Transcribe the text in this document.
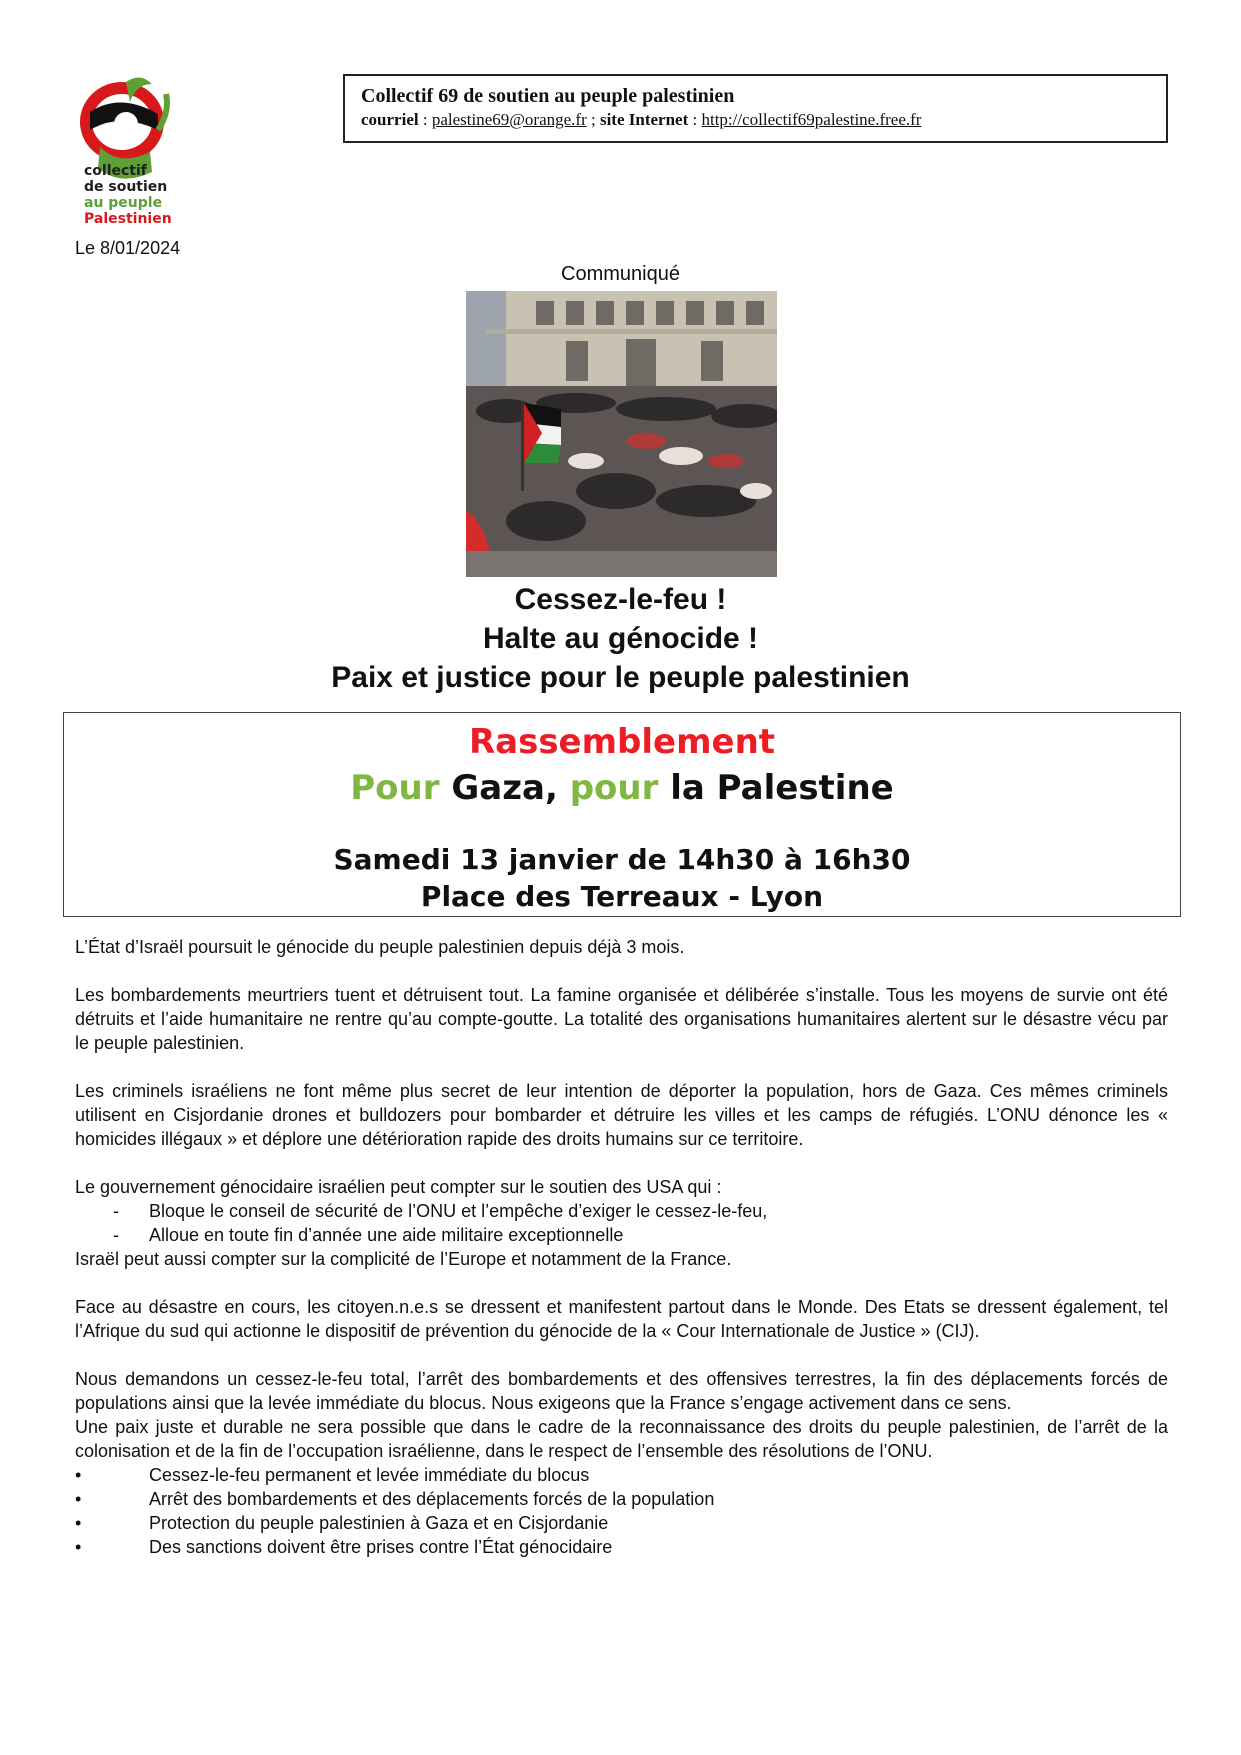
collectif
de soutien
au peuple
Palestinien
Collectif 69 de soutien au peuple palestinien
courriel : palestine69@orange.fr ; site Internet : http://collectif69palestine.free.fr
Le 8/01/2024
Communiqué
Cessez-le-feu !
Halte au génocide !
Paix et justice pour le peuple palestinien
Rassemblement
Pour Gaza, pour la Palestine
Samedi 13 janvier de 14h30 à 16h30
Place des Terreaux - Lyon

L’État d’Israël poursuit le génocide du peuple palestinien depuis déjà 3 mois.

Les bombardements meurtriers tuent et détruisent tout. La famine organisée et délibérée s’installe. Tous les moyens de survie ont été détruits et l’aide humanitaire ne rentre qu’au compte-goutte. La totalité des organisations humanitaires alertent sur le désastre vécu par le peuple palestinien.

Les criminels israéliens ne font même plus secret de leur intention de déporter la population, hors de Gaza. Ces mêmes criminels utilisent en Cisjordanie drones et bulldozers pour bombarder et détruire les villes et les camps de réfugiés. L’ONU dénonce les « homicides illégaux » et déplore une détérioration rapide des droits humains sur ce territoire.

Le gouvernement génocidaire israélien peut compter sur le soutien des USA qui :

- Bloque le conseil de sécurité de l’ONU et l’empêche d’exiger le cessez-le-feu,
- Alloue en toute fin d’année une aide militaire exceptionnelle

Israël peut aussi compter sur la complicité de l’Europe et notamment de la France.

Face au désastre en cours, les citoyen.n.e.s se dressent et manifestent partout dans le Monde. Des Etats se dressent également, tel l’Afrique du sud qui actionne le dispositif de prévention du génocide de la « Cour Internationale de Justice » (CIJ).

Nous demandons un cessez-le-feu total, l’arrêt des bombardements et des offensives terrestres, la fin des déplacements forcés de populations ainsi que la levée immédiate du blocus. Nous exigeons que la France s’engage activement dans ce sens.

Une paix juste et durable ne sera possible que dans le cadre de la reconnaissance des droits du peuple palestinien, de l’arrêt de la colonisation et de la fin de l’occupation israélienne, dans le respect de l’ensemble des résolutions de l’ONU.

•	Cessez-le-feu permanent et levée immédiate du blocus
•	Arrêt des bombardements et des déplacements forcés de la population
•	Protection du peuple palestinien à Gaza et en Cisjordanie
•	Des sanctions doivent être prises contre l’État génocidaire
